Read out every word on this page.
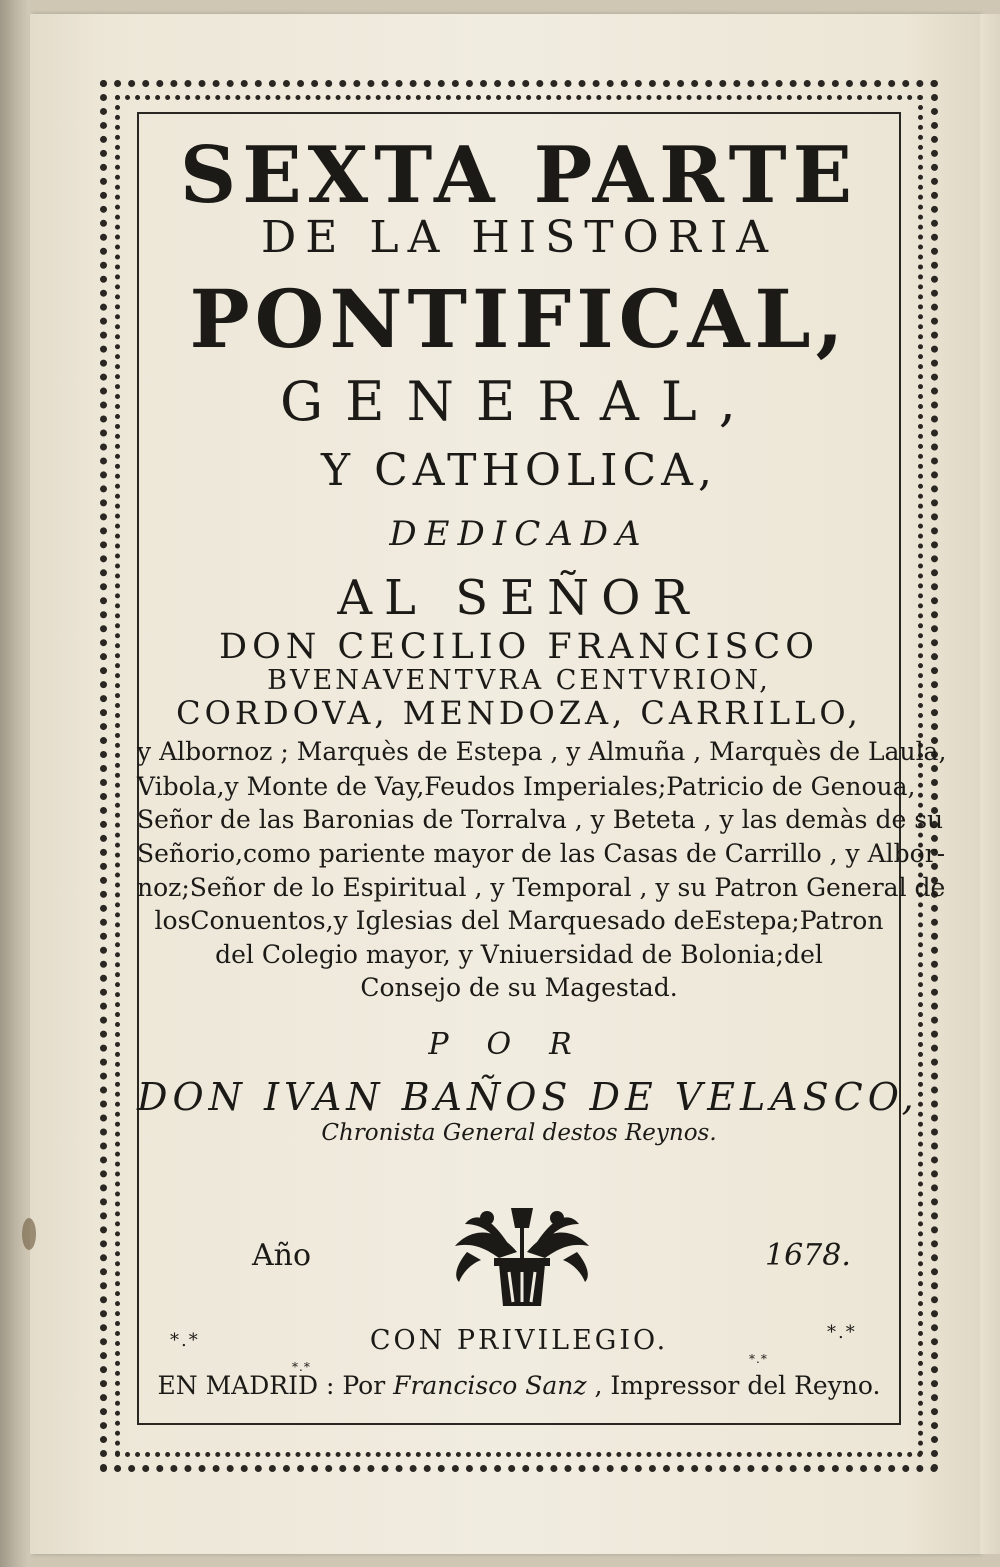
SEXTA PARTE
DE LA HISTORIA
PONTIFICAL,
GENERAL,
Y CATHOLICA,
DEDICADA
AL SEÑOR
DON CECILIO FRANCISCO
BVENAVENTVRA CENTVRION,
CORDOVA, MENDOZA, CARRILLO,
y Albornoz ; Marquès de Estepa , y Almuña , Marquès de Laula,
Vibola,y Monte de Vay,Feudos Imperiales;Patricio de Genoua,
Señor de las Baronias de Torralva , y Beteta , y las demàs de su
Señorio,como pariente mayor de las Casas de Carrillo , y Albor-
noz;Señor de lo Espiritual , y Temporal , y su Patron General de
losConuentos,y Iglesias del Marquesado deEstepa;Patron
del Colegio mayor, y Vniuersidad de Bolonia;del
Consejo de su Magestad.
POR
DON IVAN BAÑOS DE VELASCO,
Chronista General destos Reynos.
Año	1678.
*.*	*.*
CON PRIVILEGIO.
*.*
*.*
EN MADRID : Por Francisco Sanz , Impressor del Reyno.
